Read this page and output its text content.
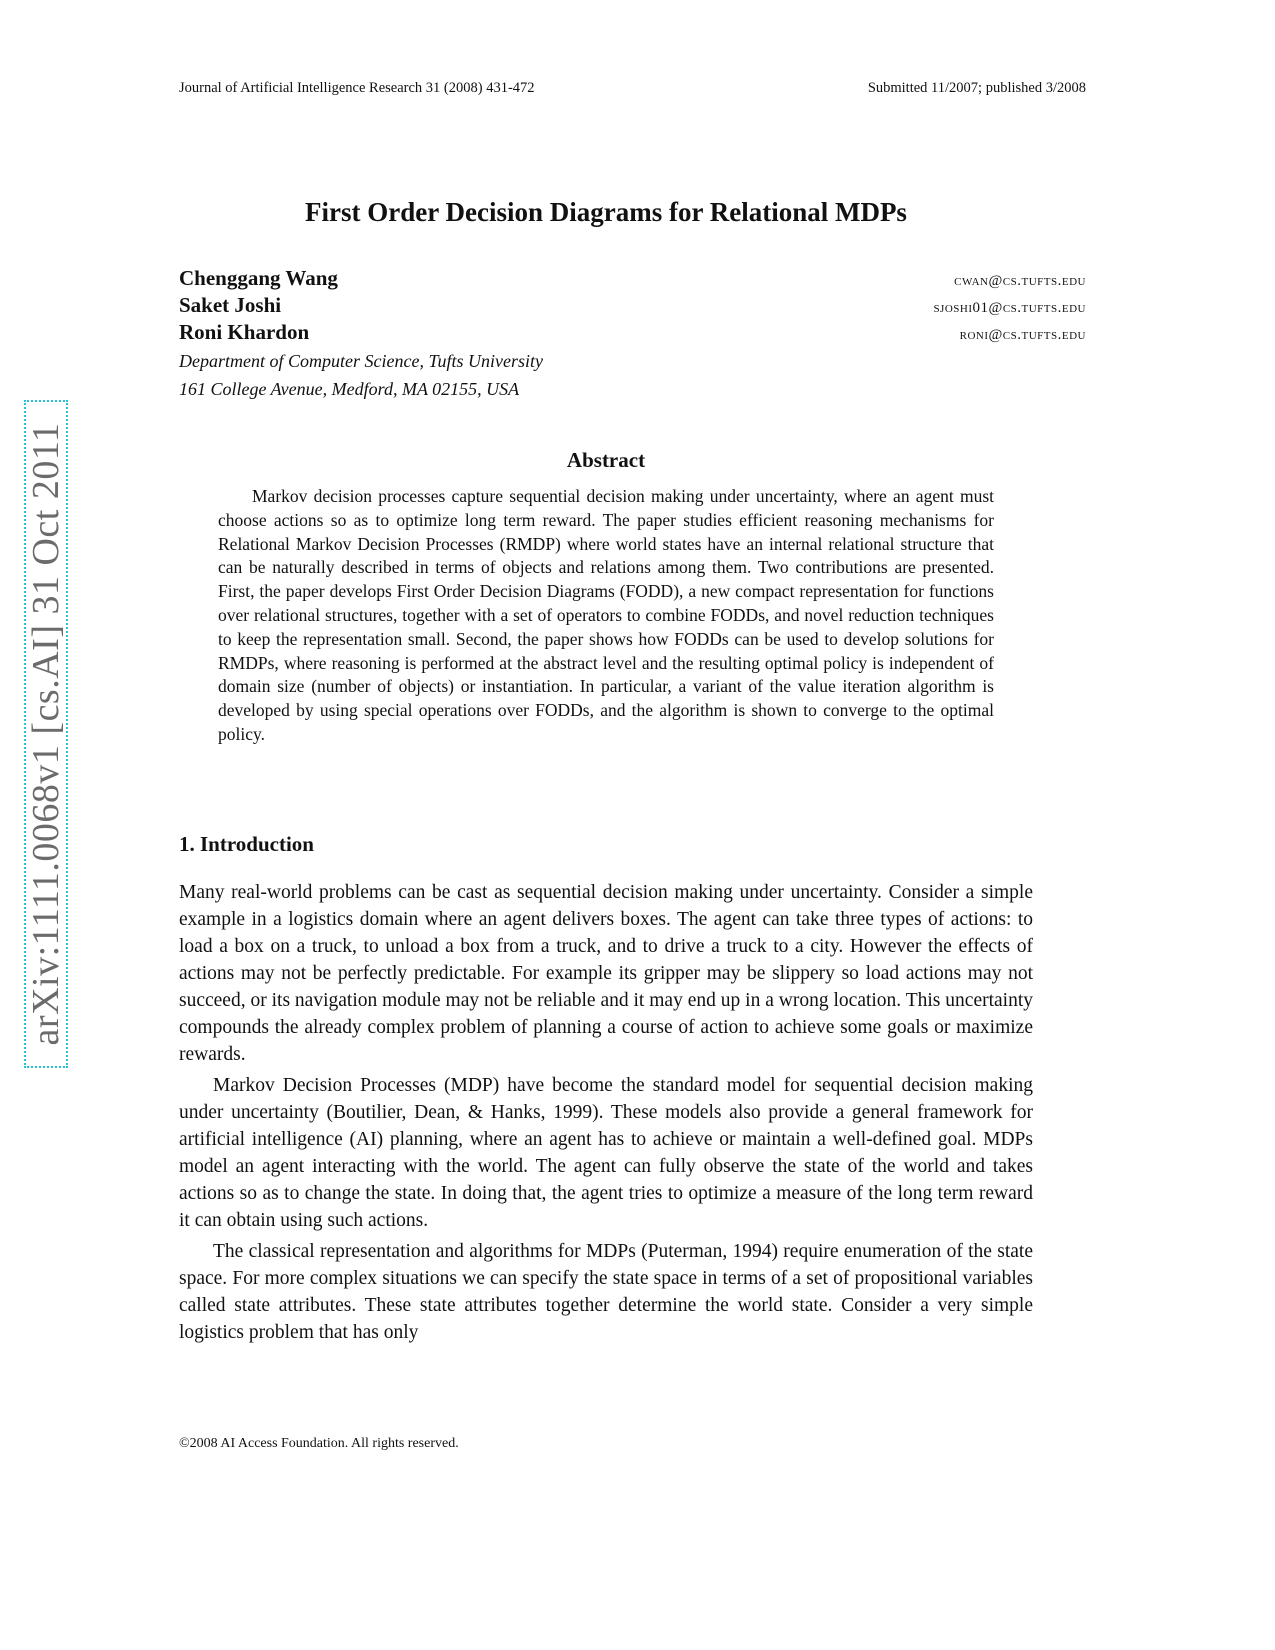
Journal of Artificial Intelligence Research 31 (2008) 431-472	Submitted 11/2007; published 3/2008
First Order Decision Diagrams for Relational MDPs
Chenggang Wang	cwan@cs.tufts.edu
Saket Joshi	sjoshi01@cs.tufts.edu
Roni Khardon	roni@cs.tufts.edu
Department of Computer Science, Tufts University
161 College Avenue, Medford, MA 02155, USA
Abstract

Markov decision processes capture sequential decision making under uncertainty, where an agent must choose actions so as to optimize long term reward. The paper studies efficient reasoning mechanisms for Relational Markov Decision Processes (RMDP) where world states have an internal relational structure that can be naturally described in terms of objects and relations among them. Two contributions are presented. First, the paper develops First Order Decision Diagrams (FODD), a new compact representation for functions over relational structures, together with a set of operators to combine FODDs, and novel reduction techniques to keep the representation small. Second, the paper shows how FODDs can be used to develop solutions for RMDPs, where reasoning is performed at the abstract level and the resulting optimal policy is independent of domain size (number of objects) or instantiation. In particular, a variant of the value iteration algorithm is developed by using special operations over FODDs, and the algorithm is shown to converge to the optimal policy.

1. Introduction

Many real-world problems can be cast as sequential decision making under uncertainty. Consider a simple example in a logistics domain where an agent delivers boxes. The agent can take three types of actions: to load a box on a truck, to unload a box from a truck, and to drive a truck to a city. However the effects of actions may not be perfectly predictable. For example its gripper may be slippery so load actions may not succeed, or its navigation module may not be reliable and it may end up in a wrong location. This uncertainty compounds the already complex problem of planning a course of action to achieve some goals or maximize rewards.

Markov Decision Processes (MDP) have become the standard model for sequential decision making under uncertainty (Boutilier, Dean, & Hanks, 1999). These models also provide a general framework for artificial intelligence (AI) planning, where an agent has to achieve or maintain a well-defined goal. MDPs model an agent interacting with the world. The agent can fully observe the state of the world and takes actions so as to change the state. In doing that, the agent tries to optimize a measure of the long term reward it can obtain using such actions.

The classical representation and algorithms for MDPs (Puterman, 1994) require enumeration of the state space. For more complex situations we can specify the state space in terms of a set of propositional variables called state attributes. These state attributes together determine the world state. Consider a very simple logistics problem that has only

©2008 AI Access Foundation. All rights reserved.
arXiv:1111.0068v1 [cs.AI] 31 Oct 2011
